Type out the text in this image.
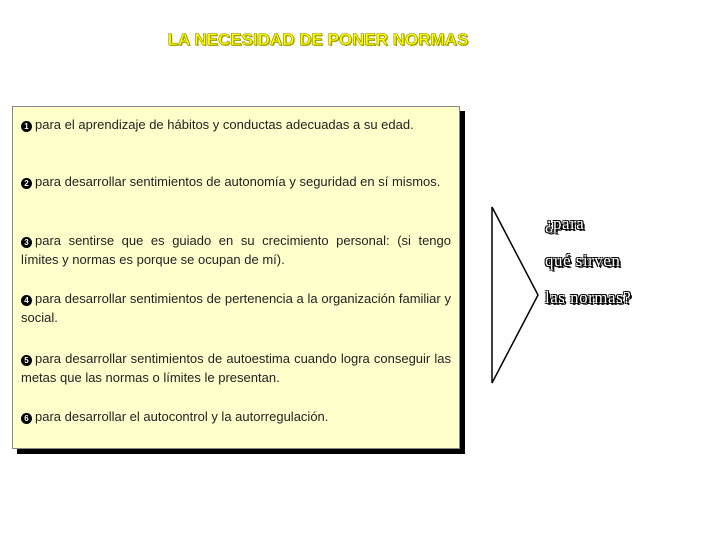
LA NECESIDAD DE PONER NORMAS
1 para el aprendizaje de hábitos y conductas adecuadas a su edad.
2 para desarrollar sentimientos de autonomía y seguridad en sí mismos.
3 para sentirse que es guiado en su crecimiento personal: (si tengo límites y normas es porque se ocupan de mí).
4 para desarrollar sentimientos de pertenencia a la organización familiar y social.
5 para desarrollar sentimientos de autoestima cuando logra conseguir las metas que las normas o límites le presentan.
6 para desarrollar el autocontrol y la autorregulación.
¿para
qué sirven
las normas?
